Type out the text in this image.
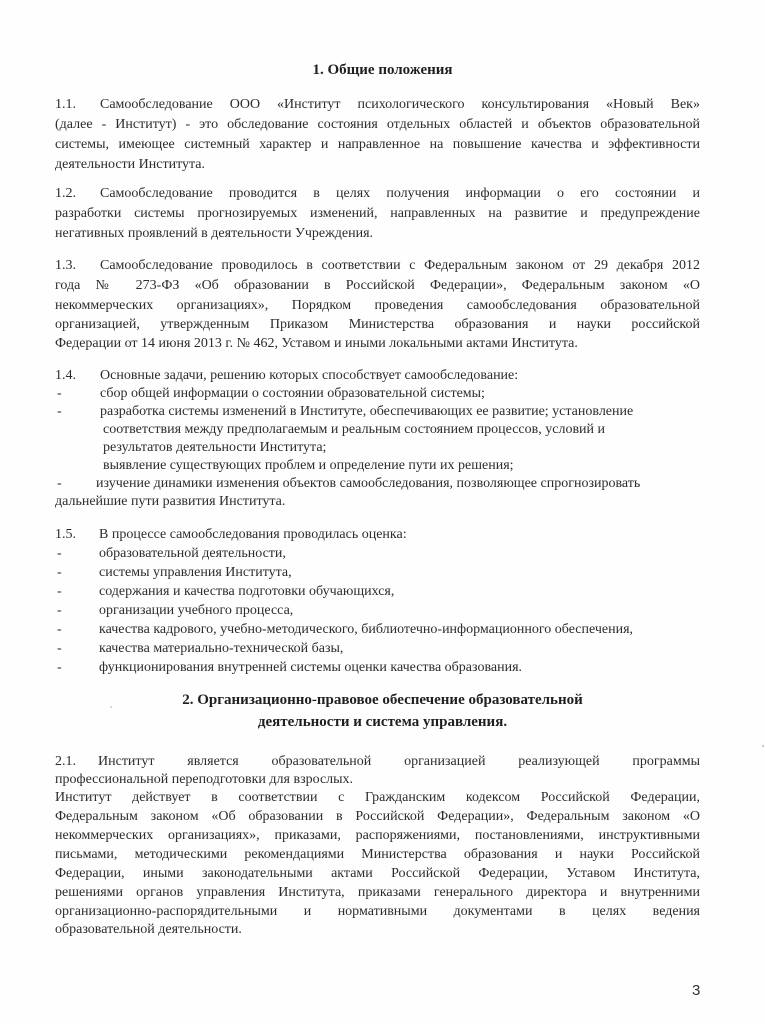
1. Общие положения
1.1. Самообследование ООО «Институт психологического консультирования «Новый Век»
(далее - Институт) - это обследование состояния отдельных областей и объектов образовательной
системы, имеющее системный характер и направленное на повышение качества и эффективности
деятельности Института.
1.2. Самообследование проводится в целях получения информации о его состоянии и
разработки системы прогнозируемых изменений, направленных на развитие и предупреждение
негативных проявлений в деятельности Учреждения.
1.3. Самообследование проводилось в соответствии с Федеральным законом от 29 декабря 2012
года № 273-ФЗ «Об образовании в Российской Федерации», Федеральным законом «О
некоммерческих организациях», Порядком проведения самообследования образовательной
организацией, утвержденным Приказом Министерства образования и науки российской
Федерации от 14 июня 2013 г. № 462, Уставом и иными локальными актами Института.
1.4. Основные задачи, решению которых способствует самообследование:
-	сбор общей информации о состоянии образовательной системы;
-	разработка системы изменений в Институте, обеспечивающих ее развитие; установление
соответствия между предполагаемым и реальным состоянием процессов, условий и
результатов деятельности Института;
выявление существующих проблем и определение пути их решения;
- изучение динамики изменения объектов самообследования, позволяющее спрогнозировать
дальнейшие пути развития Института.
1.5. В процессе самообследования проводилась оценка:
-	образовательной деятельности,
-	системы управления Института,
-	содержания и качества подготовки обучающихся,
-	организации учебного процесса,
-	качества кадрового, учебно-методического, библиотечно-информационного обеспечения,
-	качества материально-технической базы,
-	функционирования внутренней системы оценки качества образования.
2. Организационно-правовое обеспечение образовательной
деятельности и система управления.
2.1. Институт является образовательной организацией реализующей программы
профессиональной переподготовки для взрослых.
Институт действует в соответствии с Гражданским кодексом Российской Федерации,
Федеральным законом «Об образовании в Российской Федерации», Федеральным законом «О
некоммерческих организациях», приказами, распоряжениями, постановлениями, инструктивными
письмами, методическими рекомендациями Министерства образования и науки Российской
Федерации, иными законодательными актами Российской Федерации, Уставом Института,
решениями органов управления Института, приказами генерального директора и внутренними
организационно-распорядительными и нормативными документами в целях ведения
образовательной деятельности.
3
